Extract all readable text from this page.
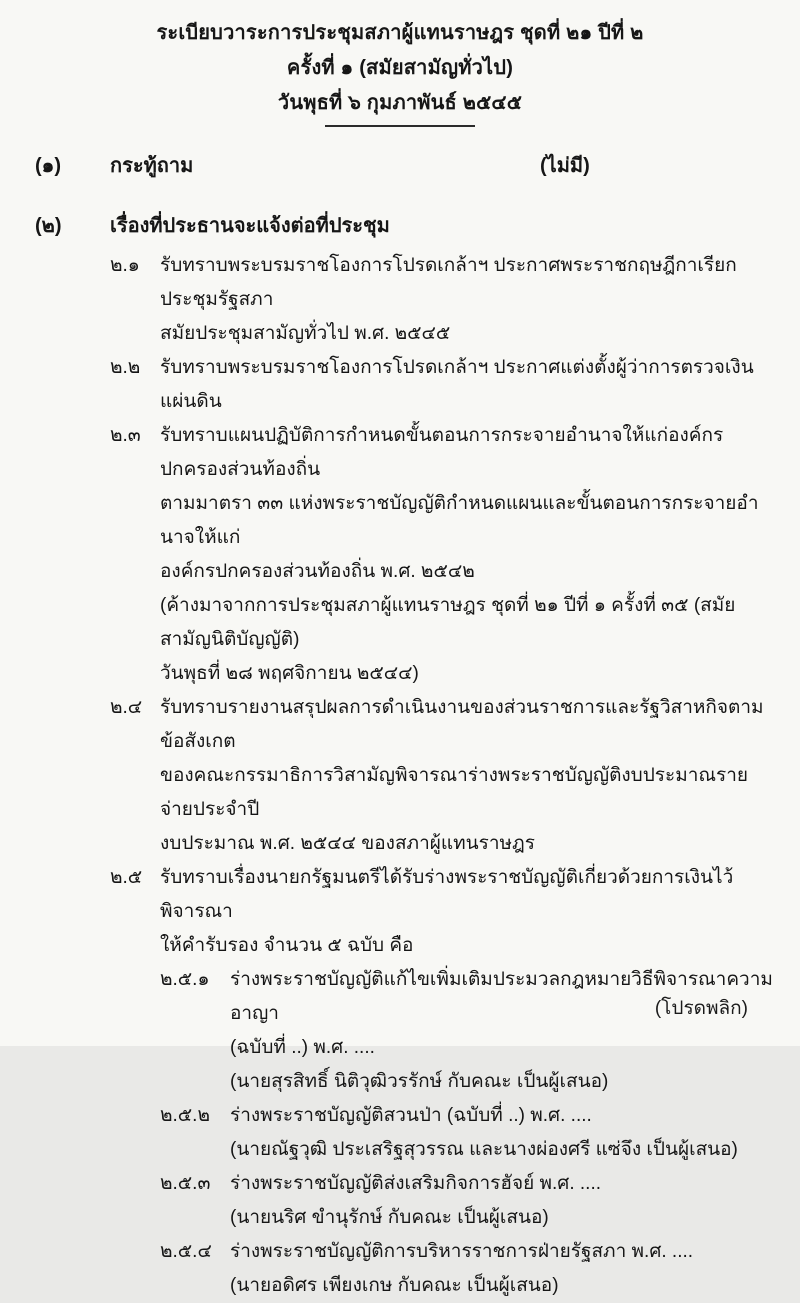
ระเบียบวาระการประชุมสภาผู้แทนราษฎร ชุดที่ ๒๑ ปีที่ ๒
ครั้งที่ ๑ (สมัยสามัญทั่วไป)
วันพุธที่ ๖ กุมภาพันธ์ ๒๕๔๕
(๑)	กระทู้ถาม	(ไม่มี)
(๒)	เรื่องที่ประธานจะแจ้งต่อที่ประชุม
๒.๑	รับทราบพระบรมราชโองการโปรดเกล้าฯ ประกาศพระราชกฤษฎีกาเรียกประชุมรัฐสภา
สมัยประชุมสามัญทั่วไป พ.ศ. ๒๕๔๕
๒.๒	รับทราบพระบรมราชโองการโปรดเกล้าฯ ประกาศแต่งตั้งผู้ว่าการตรวจเงินแผ่นดิน
๒.๓	รับทราบแผนปฏิบัติการกำหนดขั้นตอนการกระจายอำนาจให้แก่องค์กรปกครองส่วนท้องถิ่น
ตามมาตรา ๓๓ แห่งพระราชบัญญัติกำหนดแผนและขั้นตอนการกระจายอำนาจให้แก่
องค์กรปกครองส่วนท้องถิ่น พ.ศ. ๒๕๔๒
(ค้างมาจากการประชุมสภาผู้แทนราษฎร ชุดที่ ๒๑ ปีที่ ๑ ครั้งที่ ๓๕ (สมัยสามัญนิติบัญญัติ)
วันพุธที่ ๒๘ พฤศจิกายน ๒๕๔๔)
๒.๔ รับทราบรายงานสรุปผลการดำเนินงานของส่วนราชการและรัฐวิสาหกิจตามข้อสังเกต
ของคณะกรรมาธิการวิสามัญพิจารณาร่างพระราชบัญญัติงบประมาณรายจ่ายประจำปี
งบประมาณ พ.ศ. ๒๕๔๔ ของสภาผู้แทนราษฎร
๒.๕ รับทราบเรื่องนายกรัฐมนตรีได้รับร่างพระราชบัญญัติเกี่ยวด้วยการเงินไว้พิจารณา
ให้คำรับรอง จำนวน ๕ ฉบับ คือ
๒.๕.๑	ร่างพระราชบัญญัติแก้ไขเพิ่มเติมประมวลกฎหมายวิธีพิจารณาความอาญา
(ฉบับที่ ..) พ.ศ. ....
(นายสุรสิทธิ์ นิติวุฒิวรรักษ์ กับคณะ เป็นผู้เสนอ)
๒.๕.๒	ร่างพระราชบัญญัติสวนป่า (ฉบับที่ ..) พ.ศ. ....
(นายณัฐวุฒิ ประเสริฐสุวรรณ และนางผ่องศรี แซ่จึง เป็นผู้เสนอ)
๒.๕.๓	ร่างพระราชบัญญัติส่งเสริมกิจการฮัจย์ พ.ศ. ....
(นายนริศ ขำนุรักษ์ กับคณะ เป็นผู้เสนอ)
๒.๕.๔ ร่างพระราชบัญญัติการบริหารราชการฝ่ายรัฐสภา พ.ศ. ....
(นายอดิศร เพียงเกษ กับคณะ เป็นผู้เสนอ)
(โปรดพลิก)
